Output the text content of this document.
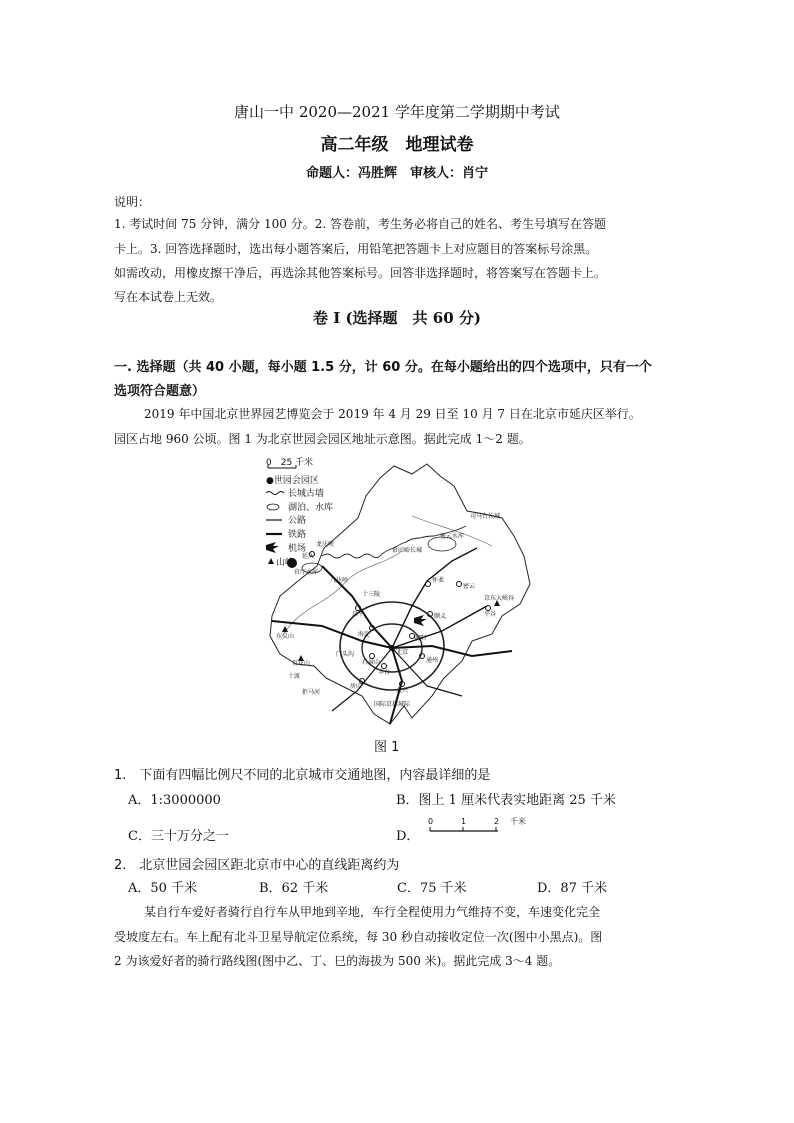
唐山一中 2020—2021 学年度第二学期期中考试
高二年级　地理试卷
命题人：冯胜辉　审核人：肖宁
说明：
1. 考试时间 75 分钟，满分 100 分。2. 答卷前，考生务必将自己的姓名、考生号填写在答题
卡上。3. 回答选择题时，选出每小题答案后，用铅笔把答题卡上对应题目的答案标号涂黑。
如需改动，用橡皮擦干净后，再选涂其他答案标号。回答非选择题时，将答案写在答题卡上。
写在本试卷上无效。
卷 I (选择题　共 60 分)
一. 选择题（共 40 小题，每小题 1.5 分，计 60 分。在每小题给出的四个选项中，只有一个
选项符合题意）
2019 年中国北京世界园艺博览会于 2019 年 4 月 29 日至 10 月 7 日在北京市延庆区举行。
园区占地 960 公顷。图 1 为北京世园会园区地址示意图。据此完成 1～2 题。
0　25 千米
●世园会园区
长城古墙
湖泊、水库
公路
铁路
机场
山峰
龙庆峡
延庆
官厅水库
八达岭
昌平
十三陵
怀柔
密云
密云水库
司马台长城
慕田峪长城
京东大峡谷
平谷
顺义
海淀
朝阳
北京
东灵山
百花山
门头沟
石景山
丰台
通州
房山
大兴
十渡
拒马河
国际京雄城际
图 1
1.　下面有四幅比例尺不同的北京城市交通地图，内容最详细的是
A．1:3000000	B．图上 1 厘米代表实地距离 25 千米
C．三十万分之一	D．
0	1	2 千米
2.　北京世园会园区距北京市中心的直线距离约为
A．50 千米	B．62 千米	C．75 千米	D．87 千米
某自行车爱好者骑行自行车从甲地到辛地，车行全程使用力气维持不变，车速变化完全
受坡度左右。车上配有北斗卫星导航定位系统，每 30 秒自动接收定位一次(图中小黑点)。图
2 为该爱好者的骑行路线图(图中乙、丁、巳的海拔为 500 米)。据此完成 3～4 题。
